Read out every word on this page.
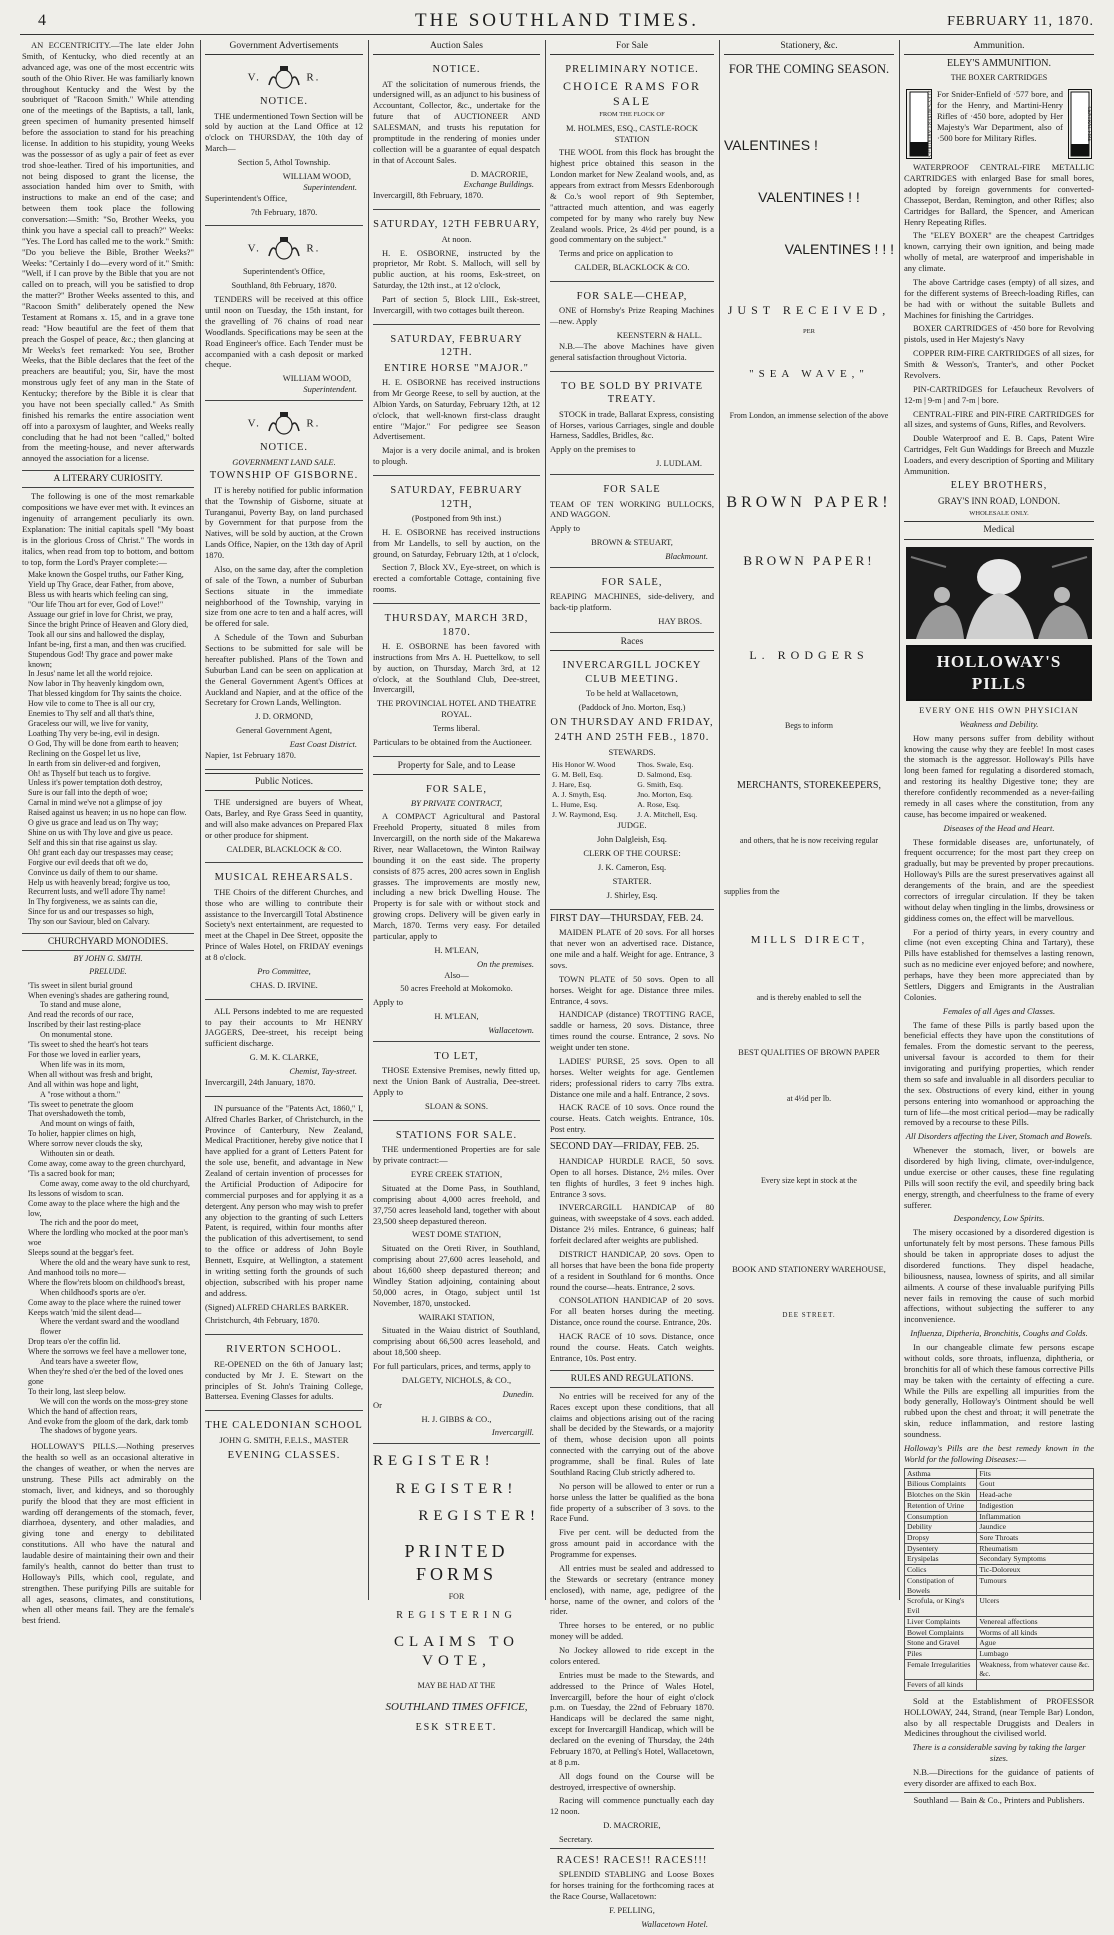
4	THE SOUTHLAND TIMES.	FEBRUARY 11, 1870.

AN ECCENTRICITY.—The late elder John Smith, of Kentucky, who died recently at an advanced age, was one of the most eccentric wits south of the Ohio River. He was familiarly known throughout Kentucky and the West by the soubriquet of "Racoon Smith." While attending one of the meetings of the Baptists, a tall, lank, green specimen of humanity presented himself before the association to stand for his preaching license. In addition to his stupidity, young Weeks was the possessor of as ugly a pair of feet as ever trod shoe-leather. Tired of his importunities, and not being disposed to grant the license, the association handed him over to Smith, with instructions to make an end of the case; and between them took place the following conversation:—Smith: "So, Brother Weeks, you think you have a special call to preach?" Weeks: "Yes. The Lord has called me to the work." Smith: "Do you believe the Bible, Brother Weeks?" Weeks: "Certainly I do—every word of it." Smith: "Well, if I can prove by the Bible that you are not called on to preach, will you be satisfied to drop the matter?" Brother Weeks assented to this, and "Racoon Smith" deliberately opened the New Testament at Romans x. 15, and in a grave tone read: "How beautiful are the feet of them that preach the Gospel of peace, &c.; then glancing at Mr Weeks's feet remarked: You see, Brother Weeks, that the Bible declares that the feet of the preachers are beautiful; you, Sir, have the most monstrous ugly feet of any man in the State of Kentucky; therefore by the Bible it is clear that you have not been specially called." As Smith finished his remarks the entire association went off into a paroxysm of laughter, and Weeks really concluding that he had not been "called," bolted from the meeting-house, and never afterwards annoyed the association for a license.

A LITERARY CURIOSITY.

The following is one of the most remarkable compositions we have ever met with. It evinces an ingenuity of arrangement peculiarly its own. Explanation: The initial capitals spell "My boast is in the glorious Cross of Christ." The words in italics, when read from top to bottom, and bottom to top, form the Lord's Prayer complete:—

Make known the Gospel truths, our Father King,
Yield up Thy Grace, dear Father, from above,
Bless us with hearts which feeling can sing,
"Our life Thou art for ever, God of Love!"
Assuage our grief in love for Christ, we pray,
Since the bright Prince of Heaven and Glory died,
Took all our sins and hallowed the display,
Infant be-ing, first a man, and then was crucified.
Stupendous God! Thy grace and power make known;
In Jesus' name let all the world rejoice.
Now labor in Thy heavenly kingdom own,
That blessed kingdom for Thy saints the choice.
How vile to come to Thee is all our cry,
Enemies to Thy self and all that's thine,
Graceless our will, we live for vanity,
Loathing Thy very be-ing, evil in design.
O God, Thy will be done from earth to heaven;
Reclining on the Gospel let us live,
In earth from sin deliver-ed and forgiven,
Oh! as Thyself but teach us to forgive.
Unless it's power temptation doth destroy,
Sure is our fall into the depth of woe;
Carnal in mind we've not a glimpse of joy
Raised against us heaven; in us no hope can flow.
O give us grace and lead us on Thy way;
Shine on us with Thy love and give us peace.
Self and this sin that rise against us slay.
Oh! grant each day our trespasses may cease;
Forgive our evil deeds that oft we do,
Convince us daily of them to our shame.
Help us with heavenly bread; forgive us too,
Recurrent lusts, and we'll adore Thy name!
In Thy forgiveness, we as saints can die,
Since for us and our trespasses so high,
Thy son our Saviour, bled on Calvary.
CHURCHYARD MONODIES.
BY JOHN G. SMITH.
PRELUDE.
'Tis sweet in silent burial ground
When evening's shades are gathering round,
To stand and muse alone,
And read the records of our race,
Inscribed by their last resting-place
On monumental stone.
'Tis sweet to shed the heart's hot tears
For those we loved in earlier years,
When life was in its morn,
When all without was fresh and bright,
And all within was hope and light,
A "rose without a thorn."
'Tis sweet to penetrate the gloom
That overshadoweth the tomb,
And mount on wings of faith,
To holier, happier climes on high,
Where sorrow never clouds the sky,
Withouten sin or death.
Come away, come away to the green churchyard,
'Tis a sacred book for man;
Come away, come away to the old churchyard,
Its lessons of wisdom to scan.
Come away to the place where the high and the low,
The rich and the poor do meet,
Where the lordling who mocked at the poor man's woe
Sleeps sound at the beggar's feet.
Where the old and the weary have sunk to rest,
And manhood toils no more—
Where the flow'rets bloom on childhood's breast,
When childhood's sports are o'er.
Come away to the place where the ruined tower
Keeps watch 'mid the silent dead—
Where the verdant sward and the woodland flower
Drop tears o'er the coffin lid.
Where the sorrows we feel have a mellower tone,
And tears have a sweeter flow,
When they're shed o'er the bed of the loved ones gone
To their long, last sleep below.
We will con the words on the moss-grey stone
Which the hand of affection rears,
And evoke from the gloom of the dark, dark tomb
The shadows of bygone years.

HOLLOWAY'S PILLS.—Nothing preserves the health so well as an occasional alterative in the changes of weather, or when the nerves are unstrung. These Pills act admirably on the stomach, liver, and kidneys, and so thoroughly purify the blood that they are most efficient in warding off derangements of the stomach, fever, diarrhoea, dysentery, and other maladies, and giving tone and energy to debilitated constitutions. All who have the natural and laudable desire of maintaining their own and their family's health, cannot do better than trust to Holloway's Pills, which cool, regulate, and strengthen. These purifying Pills are suitable for all ages, seasons, climates, and constitutions, when all other means fail. They are the female's best friend.

Government Advertisements
V.	R.
NOTICE.

THE undermentioned Town Section will be sold by auction at the Land Office at 12 o'clock on THURSDAY, the 10th day of March—

Section 5, Athol Township.

WILLIAM WOOD,

Superintendent.

Superintendent's Office,

7th February, 1870.

V.	R.

Superintendent's Office,

Southland, 8th February, 1870.

TENDERS will be received at this office until noon on Tuesday, the 15th instant, for the gravelling of 76 chains of road near Woodlands. Specifications may be seen at the Road Engineer's office. Each Tender must be accompanied with a cash deposit or marked cheque.

WILLIAM WOOD,

Superintendent.

V.	R.
NOTICE.
GOVERNMENT LAND SALE.
TOWNSHIP OF GISBORNE.

IT is hereby notified for public information that the Township of Gisborne, situate at Turanganui, Poverty Bay, on land purchased by Government for that purpose from the Natives, will be sold by auction, at the Crown Lands Office, Napier, on the 13th day of April 1870.

Also, on the same day, after the completion of sale of the Town, a number of Suburban Sections situate in the immediate neighborhood of the Township, varying in size from one acre to ten and a half acres, will be offered for sale.

A Schedule of the Town and Suburban Sections to be submitted for sale will be hereafter published. Plans of the Town and Suburban Land can be seen on application at the General Government Agent's Offices at Auckland and Napier, and at the office of the Secretary for Crown Lands, Wellington.

J. D. ORMOND,

General Government Agent,

East Coast District.

Napier, 1st February 1870.

Public Notices.

THE undersigned are buyers of Wheat, Oats, Barley, and Rye Grass Seed in quantity, and will also make advances on Prepared Flax or other produce for shipment.

CALDER, BLACKLOCK & CO.

MUSICAL REHEARSALS.

THE Choirs of the different Churches, and those who are willing to contribute their assistance to the Invercargill Total Abstinence Society's next entertainment, are requested to meet at the Chapel in Dee Street, opposite the Prince of Wales Hotel, on FRIDAY evenings at 8 o'clock.

Pro Committee,

CHAS. D. IRVINE.

ALL Persons indebted to me are requested to pay their accounts to Mr HENRY JAGGERS, Dee-street, his receipt being sufficient discharge.

G. M. K. CLARKE,

Chemist, Tay-street.

Invercargill, 24th January, 1870.

IN pursuance of the "Patents Act, 1860," I, Alfred Charles Barker, of Christchurch, in the Province of Canterbury, New Zealand, Medical Practitioner, hereby give notice that I have applied for a grant of Letters Patent for the sole use, benefit, and advantage in New Zealand of certain invention of processes for the Artificial Production of Adipocire for commercial purposes and for applying it as a detergent. Any person who may wish to prefer any objection to the granting of such Letters Patent, is required, within four months after the publication of this advertisement, to send to the office or address of John Boyle Bennett, Esquire, at Wellington, a statement in writing setting forth the grounds of such objection, subscribed with his proper name and address.

(Signed) ALFRED CHARLES BARKER.

Christchurch, 4th February, 1870.

RIVERTON SCHOOL.

RE-OPENED on the 6th of January last; conducted by Mr J. E. Stewart on the principles of St. John's Training College, Battersea. Evening Classes for adults.

THE CALEDONIAN SCHOOL

JOHN G. SMITH, F.E.I.S., MASTER

EVENING CLASSES.
Auction Sales
NOTICE.

AT the solicitation of numerous friends, the undersigned will, as an adjunct to his business of Accountant, Collector, &c., undertake for the future that of AUCTIONEER AND SALESMAN, and trusts his reputation for promptitude in the rendering of monies under collection will be a guarantee of equal despatch in that of Account Sales.

D. MACRORIE,

Exchange Buildings.

Invercargill, 8th February, 1870.

SATURDAY, 12TH FEBRUARY,

At noon.

H. E. OSBORNE, instructed by the proprietor, Mr Robt. S. Malloch, will sell by public auction, at his rooms, Esk-street, on Saturday, the 12th inst., at 12 o'clock,

Part of section 5, Block LIII., Esk-street, Invercargill, with two cottages built thereon.

SATURDAY, FEBRUARY 12TH.
ENTIRE HORSE "MAJOR."

H. E. OSBORNE has received instructions from Mr George Reese, to sell by auction, at the Albion Yards, on Saturday, February 12th, at 12 o'clock, that well-known first-class draught entire "Major." For pedigree see Season Advertisement.

Major is a very docile animal, and is broken to plough.

SATURDAY, FEBRUARY 12TH,

(Postponed from 9th inst.)

H. E. OSBORNE has received instructions from Mr Landells, to sell by auction, on the ground, on Saturday, February 12th, at 1 o'clock,

Section 7, Block XV., Eye-street, on which is erected a comfortable Cottage, containing five rooms.

THURSDAY, MARCH 3RD, 1870.

H. E. OSBORNE has been favored with instructions from Mrs A. H. Puettelkow, to sell by auction, on Thursday, March 3rd, at 12 o'clock, at the Southland Club, Dee-street, Invercargill,

THE PROVINCIAL HOTEL AND THEATRE ROYAL.

Terms liberal.

Particulars to be obtained from the Auctioneer.

Property for Sale, and to Lease
FOR SALE,
BY PRIVATE CONTRACT,

A COMPACT Agricultural and Pastoral Freehold Property, situated 8 miles from Invercargill, on the north side of the Makarewa River, near Wallacetown, the Winton Railway bounding it on the east side. The property consists of 875 acres, 200 acres sown in English grasses. The improvements are mostly new, including a new brick Dwelling House. The Property is for sale with or without stock and growing crops. Delivery will be given early in March, 1870. Terms very easy. For detailed particular, apply to

H. M'LEAN,

On the premises.

Also—

50 acres Freehold at Mokomoko.

Apply to

H. M'LEAN,

Wallacetown.

TO LET,

THOSE Extensive Premises, newly fitted up, next the Union Bank of Australia, Dee-street. Apply to

SLOAN & SONS.

STATIONS FOR SALE.

THE undermentioned Properties are for sale by private contract:—

EYRE CREEK STATION,

Situated at the Dome Pass, in Southland, comprising about 4,000 acres freehold, and 37,750 acres leasehold land, together with about 23,500 sheep depastured thereon.

WEST DOME STATION,

Situated on the Oreti River, in Southland, comprising about 27,600 acres leasehold, and about 16,600 sheep depastured thereon; and Windley Station adjoining, containing about 50,000 acres, in Otago, subject until 1st November, 1870, unstocked.

WAIRAKI STATION,

Situated in the Waiau district of Southland, comprising about 66,500 acres leasehold, and about 18,500 sheep.

For full particulars, prices, and terms, apply to

DALGETY, NICHOLS, & CO.,

Dunedin.

Or

H. J. GIBBS & CO.,

Invercargill.

REGISTER!
REGISTER!
REGISTER!
PRINTED FORMS
FOR
REGISTERING
CLAIMS TO VOTE,
MAY BE HAD AT THE
SOUTHLAND TIMES OFFICE,
ESK STREET.
For Sale
PRELIMINARY NOTICE.
CHOICE RAMS FOR SALE

FROM THE FLOCK OF

M. HOLMES, ESQ., CASTLE-ROCK STATION

THE WOOL from this flock has brought the highest price obtained this season in the London market for New Zealand wools, and, as appears from extract from Messrs Edenborough & Co.'s wool report of 9th September, "attracted much attention, and was eagerly competed for by many who rarely buy New Zealand wools. Price, 2s 4½d per pound, is a good commentary on the subject."

Terms and price on application to

CALDER, BLACKLOCK & CO.

FOR SALE—CHEAP,

ONE of Hornsby's Prize Reaping Machines—new. Apply

KEENSTERN & HALL.

N.B.—The above Machines have given general satisfaction throughout Victoria.

TO BE SOLD BY PRIVATE TREATY.

STOCK in trade, Ballarat Express, consisting of Horses, various Carriages, single and double Harness, Saddles, Bridles, &c.

Apply on the premises to

J. LUDLAM.

FOR SALE

TEAM OF TEN WORKING BULLOCKS, AND WAGGON.

Apply to

BROWN & STEUART,

Blackmount.

FOR SALE,

REAPING MACHINES, side-delivery, and back-tip platform.

HAY BROS.

Races
INVERCARGILL JOCKEY CLUB MEETING.

To be held at Wallacetown,

(Paddock of Jno. Morton, Esq.)

ON THURSDAY AND FRIDAY,
24TH AND 25TH FEB., 1870.

STEWARDS.

His Honor W. Wood	Thos. Swale, Esq.
G. M. Bell, Esq.	D. Salmond, Esq.
J. Hare, Esq.	G. Smith, Esq.
A. J. Smyth, Esq.	Jno. Morton, Esq.
L. Hume, Esq.	A. Rose, Esq.
J. W. Raymond, Esq.	J. A. Mitchell, Esq.

JUDGE.

John Dalgleish, Esq.

CLERK OF THE COURSE:

J. K. Cameron, Esq.

STARTER.

J. Shirley, Esq.

FIRST DAY—THURSDAY, FEB. 24.

MAIDEN PLATE of 20 sovs. For all horses that never won an advertised race. Distance, one mile and a half. Weight for age. Entrance, 3 sovs.

TOWN PLATE of 50 sovs. Open to all horses. Weight for age. Distance three miles. Entrance, 4 sovs.

HANDICAP (distance) TROTTING RACE, saddle or harness, 20 sovs. Distance, three times round the course. Entrance, 2 sovs. No weight under ten stone.

LADIES' PURSE, 25 sovs. Open to all horses. Welter weights for age. Gentlemen riders; professional riders to carry 7lbs extra. Distance one mile and a half. Entrance, 2 sovs.

HACK RACE of 10 sovs. Once round the course. Heats. Catch weights. Entrance, 10s. Post entry.

SECOND DAY—FRIDAY, FEB. 25.

HANDICAP HURDLE RACE, 50 sovs. Open to all horses. Distance, 2½ miles. Over ten flights of hurdles, 3 feet 9 inches high. Entrance 3 sovs.

INVERCARGILL HANDICAP of 80 guineas, with sweepstake of 4 sovs. each added. Distance 2½ miles. Entrance, 6 guineas; half forfeit declared after weights are published.

DISTRICT HANDICAP, 20 sovs. Open to all horses that have been the bona fide property of a resident in Southland for 6 months. Once round the course—heats. Entrance, 2 sovs.

CONSOLATION HANDICAP of 20 sovs. For all beaten horses during the meeting. Distance, once round the course. Entrance, 20s.

HACK RACE of 10 sovs. Distance, once round the course. Heats. Catch weights. Entrance, 10s. Post entry.

RULES AND REGULATIONS.

No entries will be received for any of the Races except upon these conditions, that all claims and objections arising out of the racing shall be decided by the Stewards, or a majority of them, whose decision upon all points connected with the carrying out of the above programme, shall be final. Rules of late Southland Racing Club strictly adhered to.

No person will be allowed to enter or run a horse unless the latter be qualified as the bona fide property of a subscriber of 3 sovs. to the Race Fund.

Five per cent. will be deducted from the gross amount paid in accordance with the Programme for expenses.

All entries must be sealed and addressed to the Stewards or secretary (entrance money enclosed), with name, age, pedigree of the horse, name of the owner, and colors of the rider.

Three horses to be entered, or no public money will be added.

No Jockey allowed to ride except in the colors entered.

Entries must be made to the Stewards, and addressed to the Prince of Wales Hotel, Invercargill, before the hour of eight o'clock p.m. on Tuesday, the 22nd of February 1870. Handicaps will be declared the same night, except for Invercargill Handicap, which will be declared on the evening of Thursday, the 24th February 1870, at Pelling's Hotel, Wallacetown, at 8 p.m.

All dogs found on the Course will be destroyed, irrespective of ownership.

Racing will commence punctually each day 12 noon.

D. MACRORIE,

Secretary.

RACES! RACES!! RACES!!!

SPLENDID STABLING and Loose Boxes for horses training for the forthcoming races at the Race Course, Wallacetown:

F. PELLING,

Wallacetown Hotel.

Stationery, &c.
FOR THE COMING SEASON.
VALENTINES !
VALENTINES ! !
VALENTINES ! ! !
JUST RECEIVED,
PER
"SEA WAVE,"
From London, an immense selection of the above
BROWN PAPER!
BROWN PAPER!
L. RODGERS
Begs to inform
MERCHANTS, STOREKEEPERS,
and others, that he is now receiving regular
supplies from the
MILLS DIRECT,
and is thereby enabled to sell the
BEST QUALITIES OF BROWN PAPER
at 4½d per lb.
Every size kept in stock at the
BOOK AND STATIONERY WAREHOUSE,
DEE STREET.
Ammunition.
ELEY'S AMMUNITION.

THE BOXER CARTRIDGES

ELEY'S BOXER CARTRIDGES For Snider-Enfield of ·577 bore, and for the Henry, and Martini-Henry Rifles of ·450 bore, adopted by Her Majesty's War Department, also of ·500 bore for Military Rifles.	CENTRAL FIRE

WATERPROOF CENTRAL-FIRE METALLIC CARTRIDGES with enlarged Base for small bores, adopted by foreign governments for converted-Chassepot, Berdan, Remington, and other Rifles; also Cartridges for Ballard, the Spencer, and American Henry Repeating Rifles.

The "ELEY BOXER" are the cheapest Cartridges known, carrying their own ignition, and being made wholly of metal, are waterproof and imperishable in any climate.

The above Cartridge cases (empty) of all sizes, and for the different systems of Breech-loading Rifles, can be had with or without the suitable Bullets and Machines for finishing the Cartridges.

BOXER CARTRIDGES of ·450 bore for Revolving pistols, used in Her Majesty's Navy

COPPER RIM-FIRE CARTRIDGES of all sizes, for Smith & Wesson's, Tranter's, and other Pocket Revolvers.

PIN-CARTRIDGES for Lefaucheux Revolvers of 12-m | 9-m | and 7-m | bore.

CENTRAL-FIRE and PIN-FIRE CARTRIDGES for all sizes, and systems of Guns, Rifles, and Revolvers.

Double Waterproof and E. B. Caps, Patent Wire Cartridges, Felt Gun Waddings for Breech and Muzzle Loaders, and every description of Sporting and Military Ammunition.

ELEY BROTHERS,

GRAY'S INN ROAD, LONDON.

WHOLESALE ONLY.

Medical
HOLLOWAY'S PILLS

EVERY ONE HIS OWN PHYSICIAN

Weakness and Debility.

How many persons suffer from debility without knowing the cause why they are feeble! In most cases the stomach is the aggressor. Holloway's Pills have long been famed for regulating a disordered stomach, and restoring its healthy Digestive tone; they are therefore confidently recommended as a never-failing remedy in all cases where the constitution, from any cause, has become impaired or weakened.

Diseases of the Head and Heart.

These formidable diseases are, unfortunately, of frequent occurrence; for the most part they creep on gradually, but may be prevented by proper precautions. Holloway's Pills are the surest preservatives against all derangements of the brain, and are the speediest correctors of irregular circulation. If they be taken without delay when tingling in the limbs, drowsiness or giddiness comes on, the effect will be marvellous.

For a period of thirty years, in every country and clime (not even excepting China and Tartary), these Pills have established for themselves a lasting renown, such as no medicine ever enjoyed before; and nowhere, perhaps, have they been more appreciated than by Settlers, Diggers and Emigrants in the Australian Colonies.

Females of all Ages and Classes.

The fame of these Pills is partly based upon the beneficial effects they have upon the constitutions of females. From the domestic servant to the peeress, universal favour is accorded to them for their invigorating and purifying properties, which render them so safe and invaluable in all disorders peculiar to the sex. Obstructions of every kind, either in young persons entering into womanhood or approaching the turn of life—the most critical period—may be radically removed by a recourse to these Pills.

All Disorders affecting the Liver, Stomach and Bowels.

Whenever the stomach, liver, or bowels are disordered by high living, climate, over-indulgence, undue exercise or other causes, these fine regulating Pills will soon rectify the evil, and speedily bring back energy, strength, and cheerfulness to the frame of every sufferer.

Despondency, Low Spirits.

The misery occasioned by a disordered digestion is unfortunately felt by most persons. These famous Pills should be taken in appropriate doses to adjust the disordered functions. They dispel headache, biliousness, nausea, lowness of spirits, and all similar ailments. A course of these invaluable purifying Pills never fails in removing the cause of such morbid affections, without subjecting the sufferer to any inconvenience.

Influenza, Diptheria, Bronchitis, Coughs and Colds.

In our changeable climate few persons escape without colds, sore throats, influenza, diphtheria, or bronchitis for all of which these famous corrective Pills may be taken with the certainty of effecting a cure. While the Pills are expelling all impurities from the body generally, Holloway's Ointment should be well rubbed upon the chest and throat; it will penetrate the skin, reduce inflammation, and restore lasting soundness.

Holloway's Pills are the best remedy known in the World for the following Diseases:—

Asthma	Fits
Bilious Complaints	Gout
Blotches on the Skin	Head-ache
Retention of Urine	Indigestion
Consumption	Inflammation
Debility	Jaundice
Dropsy	Sore Throats
Dysentery	Rheumatism
Erysipelas	Secondary Symptoms
Colics	Tic-Doloreux
Constipation of Bowels	Tumours
Scrofula, or King's Evil	Ulcers
Liver Complaints	Venereal affections
Bowel Complaints	Worms of all kinds
Stone and Gravel	Ague
Piles	Lumbago
Female Irregularities	Weakness, from whatever cause &c. &c.
Fevers of all kinds	

Sold at the Establishment of PROFESSOR HOLLOWAY, 244, Strand, (near Temple Bar) London, also by all respectable Druggists and Dealers in Medicines throughout the civilised world.

There is a considerable saving by taking the larger sizes.

N.B.—Directions for the guidance of patients of every disorder are affixed to each Box.

Southland — Bain & Co., Printers and Publishers.
